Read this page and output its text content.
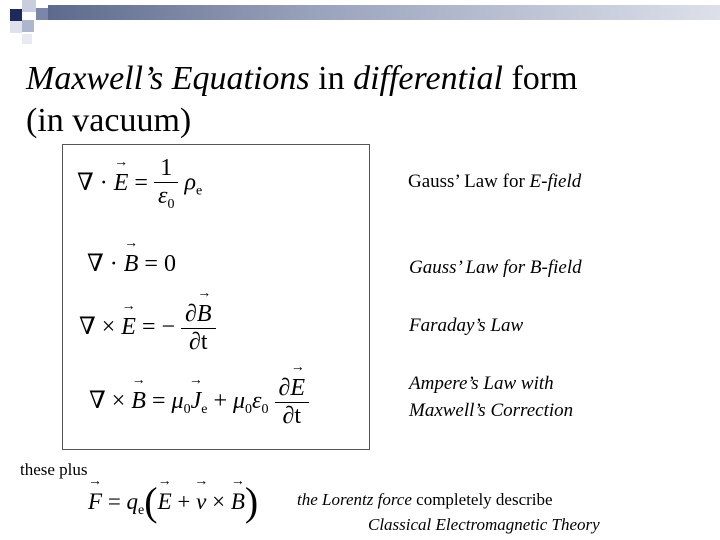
Maxwell’s Equations in differential form
(in vacuum)
∇ · → $E = \frac{1}{\varepsilon_0} \rho_e$
∇ · → B = 0
∇ × → E = − $\frac{\partial\to B}{\partial t}$
∇ × → $B = \mu_0\to J_e + \mu_0\varepsilon_0 \frac{\partial\to E}{\partial t}$
Gauss’ Law for E-field
Gauss’ Law for B-field
Faraday’s Law
Ampere’s Law with
Maxwell’s Correction
these plus
→ $F = q_e(\to E$ + → v × → B) the Lorentz force completely describe
Classical Electromagnetic Theory
